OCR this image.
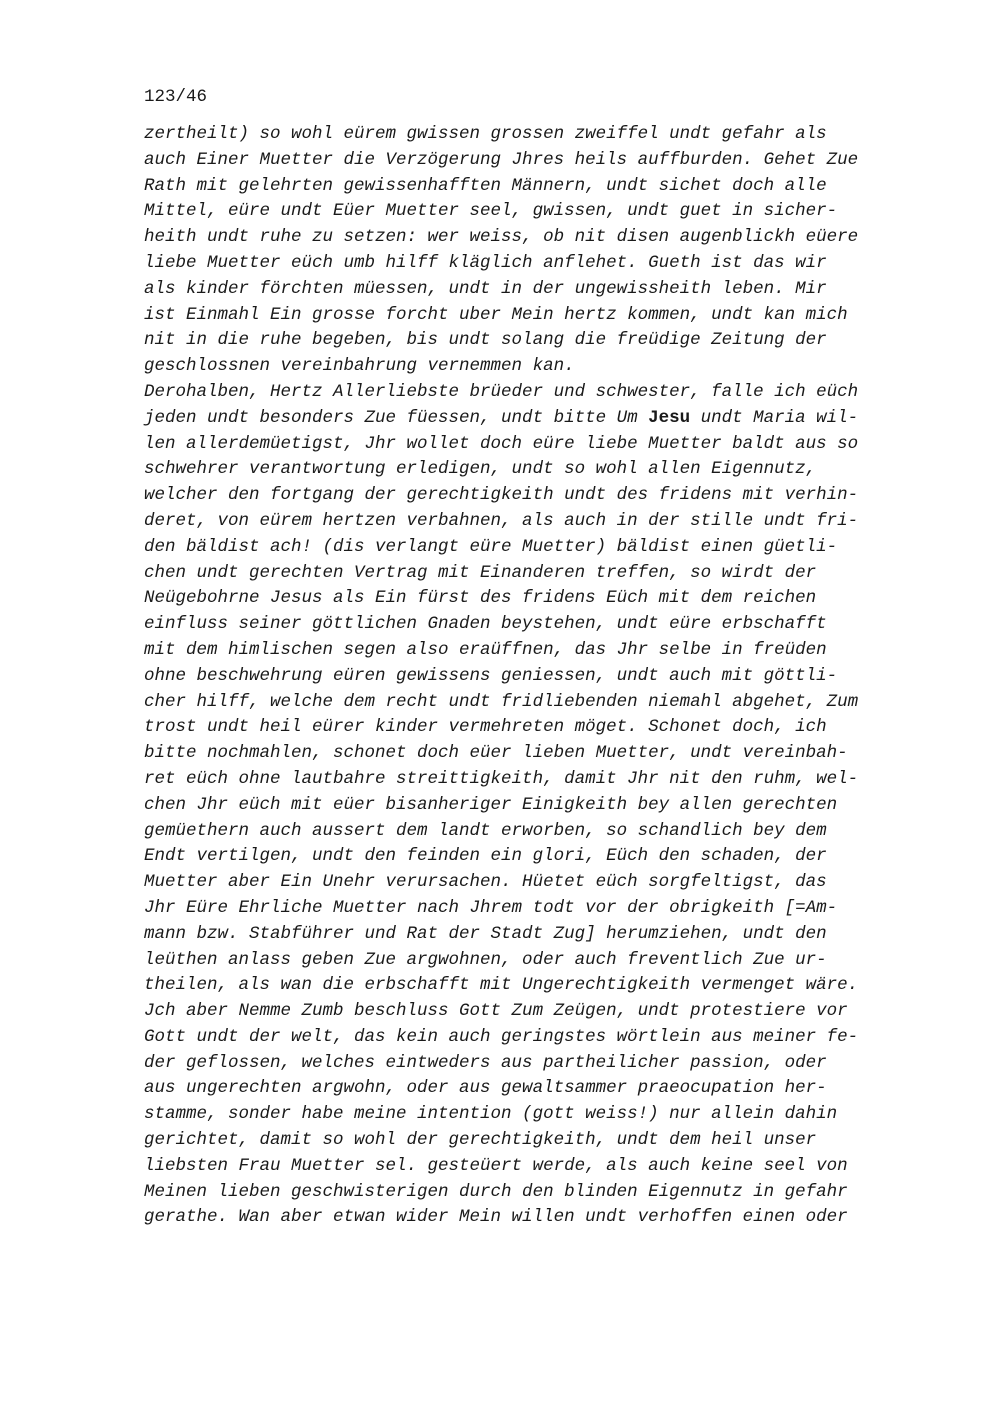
123/46
zertheilt) so wohl eürem gwissen grossen zweiffel undt gefahr als
auch Einer Muetter die Verzögerung Jhres heils auffburden. Gehet Zue
Rath mit gelehrten gewissenhafften Männern, undt sichet doch alle
Mittel, eüre undt Eüer Muetter seel, gwissen, undt guet in sicher-
heith undt ruhe zu setzen: wer weiss, ob nit disen augenblickh eüere
liebe Muetter eüch umb hilff kläglich anflehet. Gueth ist das wir
als kinder förchten müessen, undt in der ungewissheith leben. Mir
ist Einmahl Ein grosse forcht uber Mein hertz kommen, undt kan mich
nit in die ruhe begeben, bis undt solang die freüdige Zeitung der
geschlossnen vereinbahrung vernemmen kan.
Derohalben, Hertz Allerliebste brüeder und schwester, falle ich eüch
jeden undt besonders Zue füessen, undt bitte Um Jesu undt Maria wil-
len allerdemüetigst, Jhr wollet doch eüre liebe Muetter baldt aus so
schwehrer verantwortung erledigen, undt so wohl allen Eigennutz,
welcher den fortgang der gerechtigkeith undt des fridens mit verhin-
deret, von eürem hertzen verbahnen, als auch in der stille undt fri-
den bäldist ach! (dis verlangt eüre Muetter) bäldist einen güetli-
chen undt gerechten Vertrag mit Einanderen treffen, so wirdt der
Neügebohrne Jesus als Ein fürst des fridens Eüch mit dem reichen
einfluss seiner göttlichen Gnaden beystehen, undt eüre erbschafft
mit dem himlischen segen also eraüffnen, das Jhr selbe in freüden
ohne beschwehrung eüren gewissens geniessen, undt auch mit göttli-
cher hilff, welche dem recht undt fridliebenden niemahl abgehet, Zum
trost undt heil eürer kinder vermehreten möget. Schonet doch, ich
bitte nochmahlen, schonet doch eüer lieben Muetter, undt vereinbah-
ret eüch ohne lautbahre streittigkeith, damit Jhr nit den ruhm, wel-
chen Jhr eüch mit eüer bisanheriger Einigkeith bey allen gerechten
gemüethern auch aussert dem landt erworben, so schandlich bey dem
Endt vertilgen, undt den feinden ein glori, Eüch den schaden, der
Muetter aber Ein Unehr verursachen. Hüetet eüch sorgfeltigst, das
Jhr Eüre Ehrliche Muetter nach Jhrem todt vor der obrigkeith [=Am-
mann bzw. Stabführer und Rat der Stadt Zug] herumziehen, undt den
leüthen anlass geben Zue argwohnen, oder auch freventlich Zue ur-
theilen, als wan die erbschafft mit Ungerechtigkeith vermenget wäre.
Jch aber Nemme Zumb beschluss Gott Zum Zeügen, undt protestiere vor
Gott undt der welt, das kein auch geringstes wörtlein aus meiner fe-
der geflossen, welches eintweders aus partheilicher passion, oder
aus ungerechten argwohn, oder aus gewaltsammer praeocupation her-
stamme, sonder habe meine intention (gott weiss!) nur allein dahin
gerichtet, damit so wohl der gerechtigkeith, undt dem heil unser
liebsten Frau Muetter sel. gesteüert werde, als auch keine seel von
Meinen lieben geschwisterigen durch den blinden Eigennutz in gefahr
gerathe. Wan aber etwan wider Mein willen undt verhoffen einen oder
